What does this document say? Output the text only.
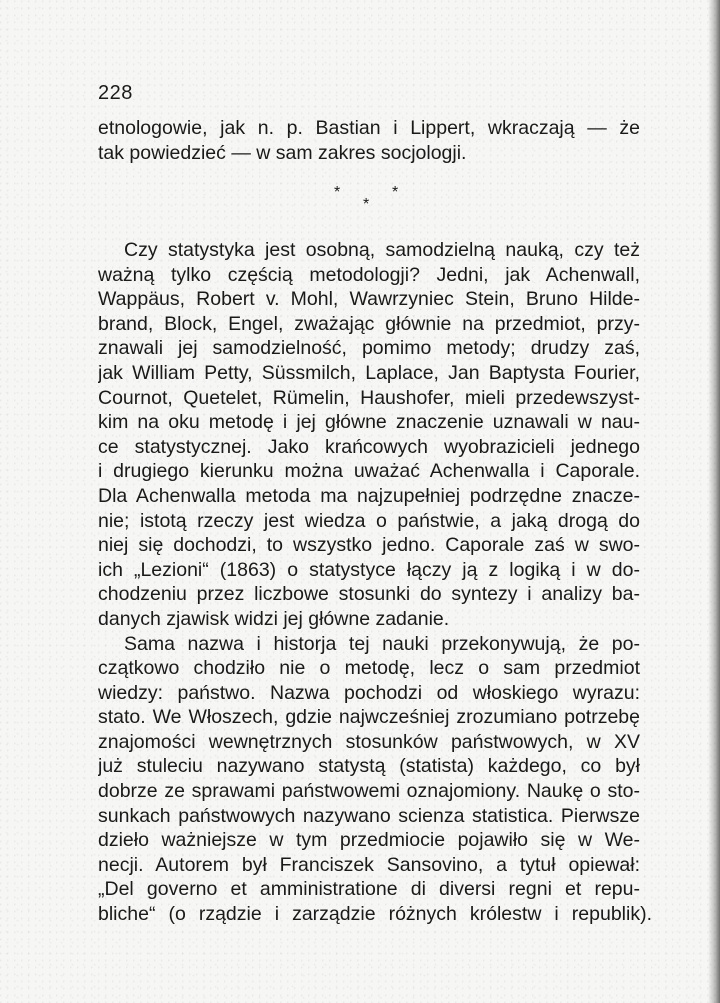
228
etnologowie, jak n. p. Bastian i Lippert, wkraczają — że
tak powiedzieć — w sam zakres socjologji.
*	*
*
Czy statystyka jest osobną, samodzielną nauką, czy też
ważną tylko częścią metodologji? Jedni, jak Achenwall,
Wappäus, Robert v. Mohl, Wawrzyniec Stein, Bruno Hilde-
brand, Block, Engel, zważając głównie na przedmiot, przy-
znawali jej samodzielność, pomimo metody; drudzy zaś,
jak William Petty, Süssmilch, Laplace, Jan Baptysta Fourier,
Cournot, Quetelet, Rümelin, Haushofer, mieli przedewszyst-
kim na oku metodę i jej główne znaczenie uznawali w nau-
ce statystycznej. Jako krańcowych wyobrazicieli jednego
i drugiego kierunku można uważać Achenwalla i Caporale.
Dla Achenwalla metoda ma najzupełniej podrzędne znacze-
nie; istotą rzeczy jest wiedza o państwie, a jaką drogą do
niej się dochodzi, to wszystko jedno. Caporale zaś w swo-
ich „Lezioni“ (1863) o statystyce łączy ją z logiką i w do-
chodzeniu przez liczbowe stosunki do syntezy i analizy ba-
danych zjawisk widzi jej główne zadanie.
Sama nazwa i historja tej nauki przekonywują, że po-
czątkowo chodziło nie o metodę, lecz o sam przedmiot
wiedzy: państwo. Nazwa pochodzi od włoskiego wyrazu:
stato. We Włoszech, gdzie najwcześniej zrozumiano potrzebę
znajomości wewnętrznych stosunków państwowych, w XV
już stuleciu nazywano statystą (statista) każdego, co był
dobrze ze sprawami państwowemi oznajomiony. Naukę o sto-
sunkach państwowych nazywano scienza statistica. Pierwsze
dzieło ważniejsze w tym przedmiocie pojawiło się w We-
necji. Autorem był Franciszek Sansovino, a tytuł opiewał:
„Del governo et amministratione di diversi regni et repu-
bliche“ (o rządzie i zarządzie różnych królestw i republik).
